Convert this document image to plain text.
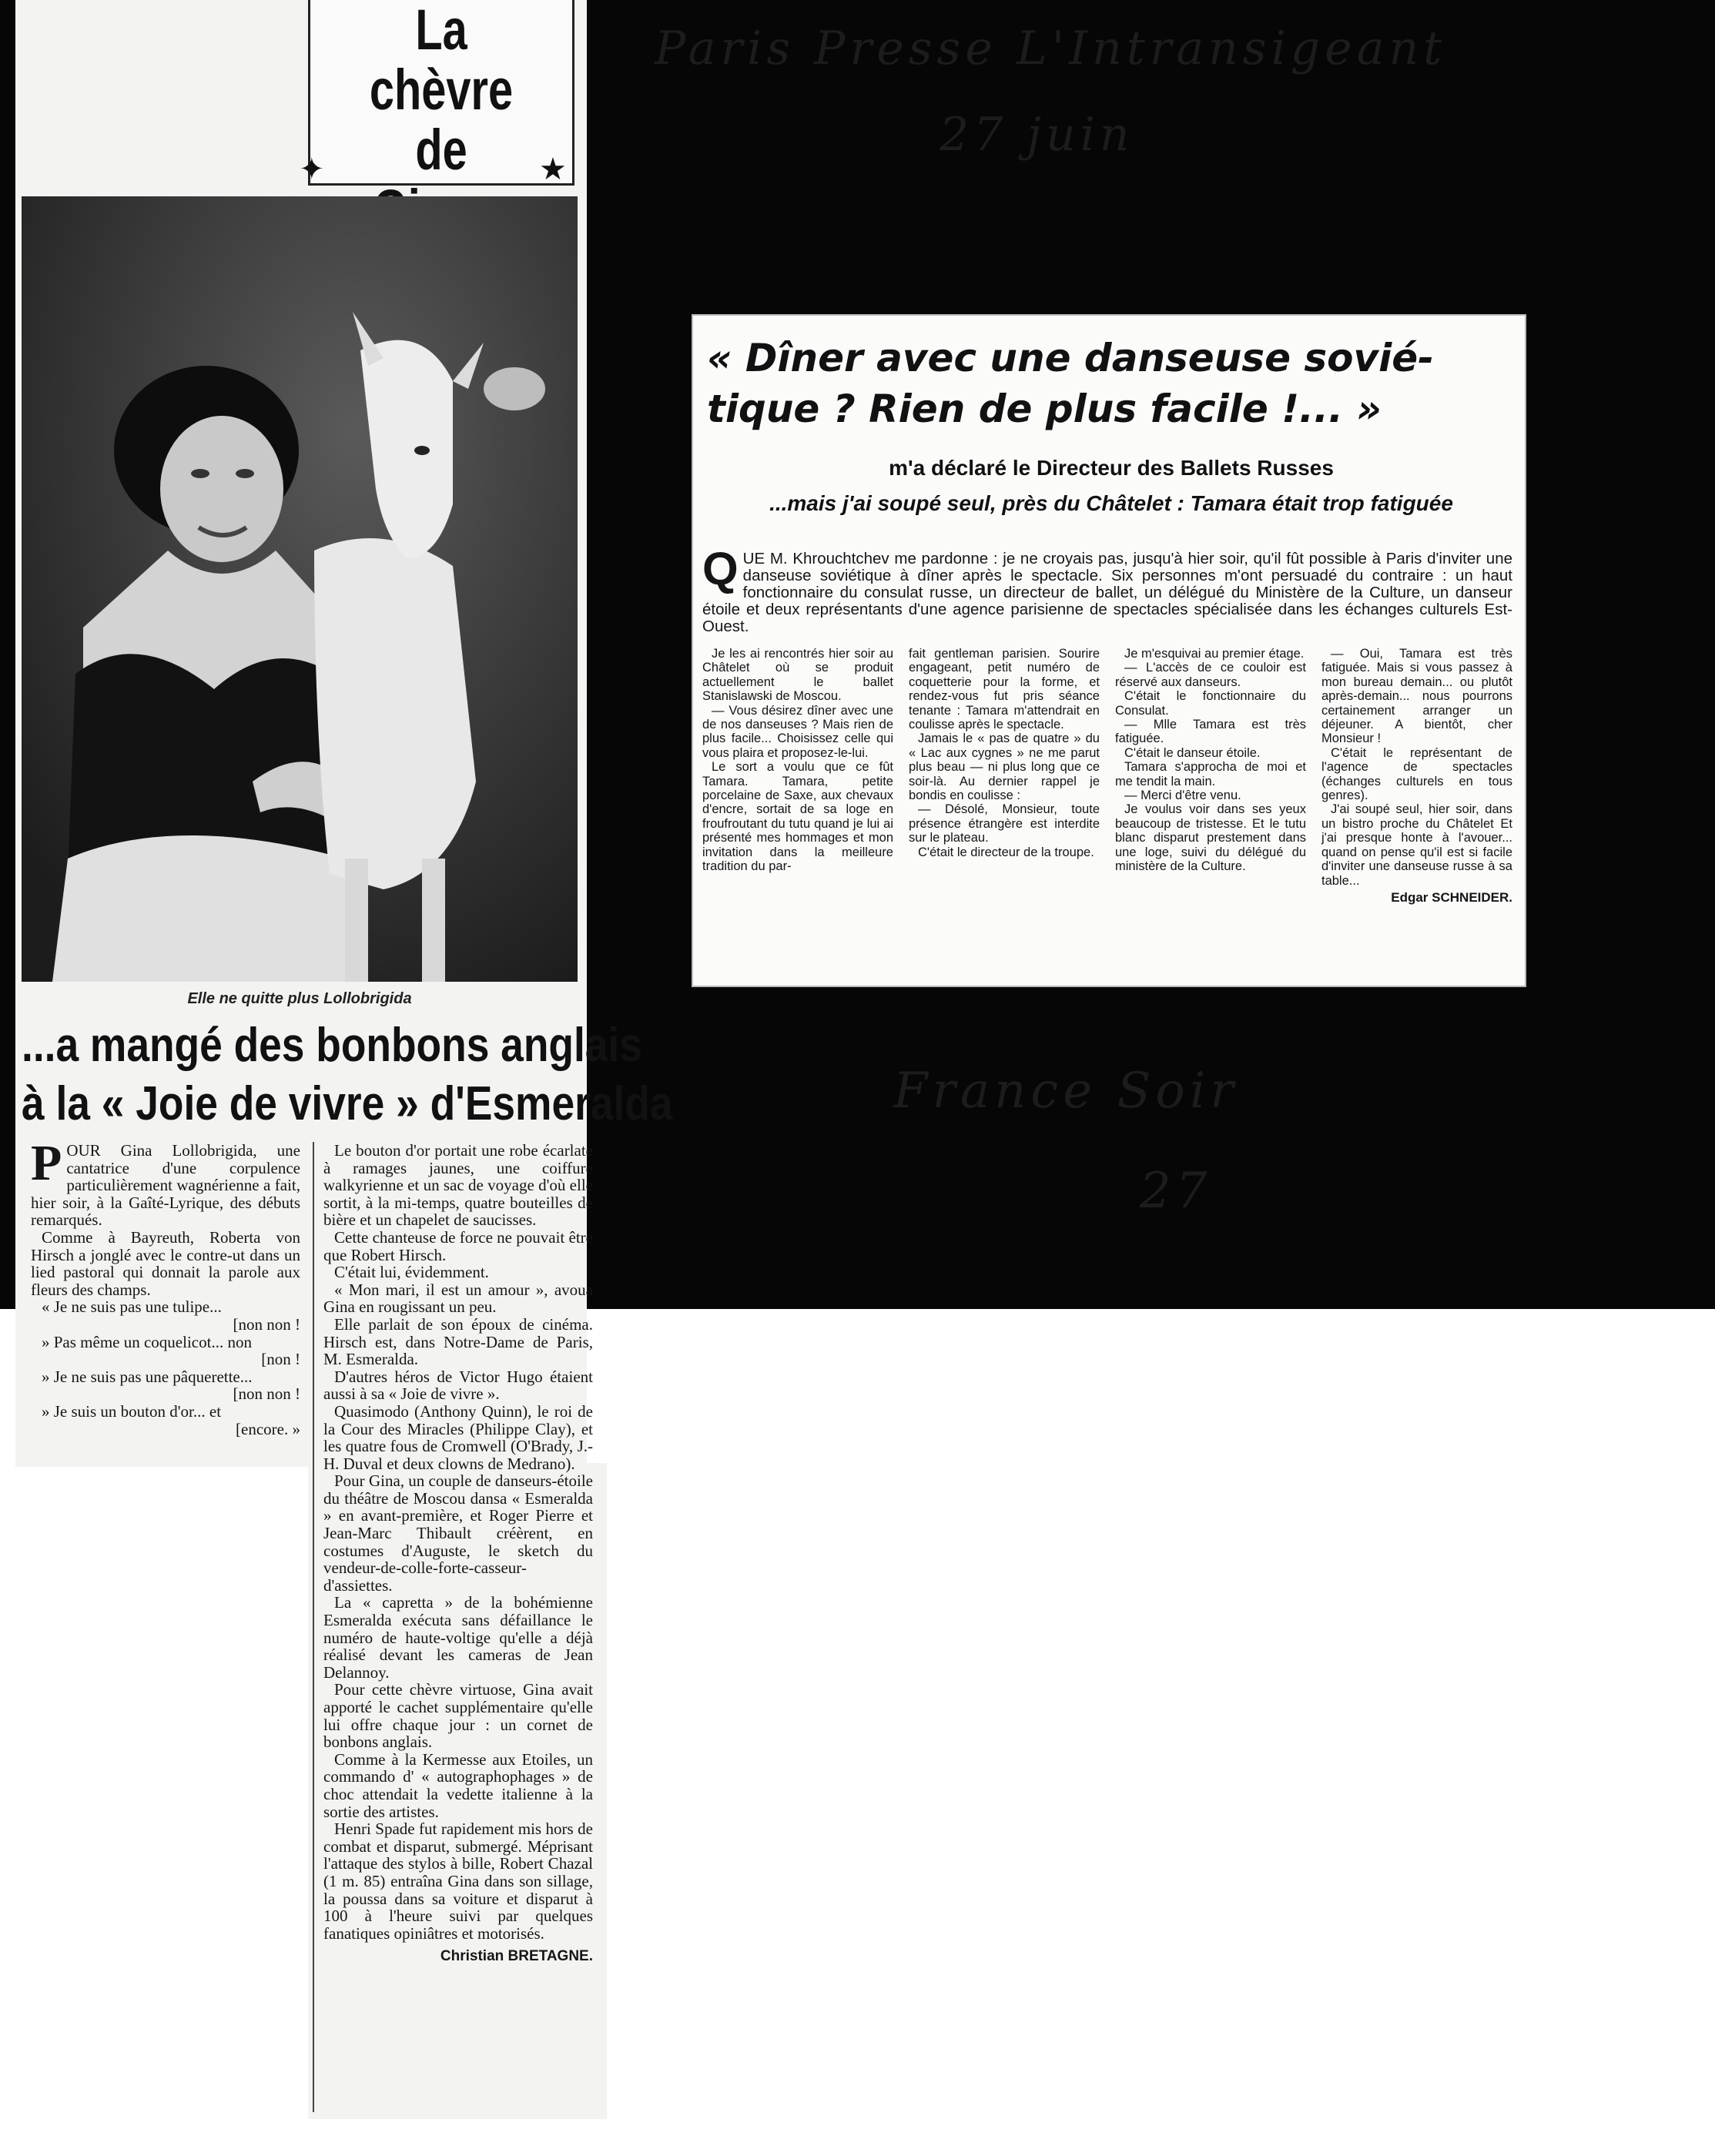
Paris Presse L'Intransigeant
27 juin
France Soir
27
La chèvre
de
✦	★
Elle ne quitte plus Lollobrigida
...a mangé des bonbons anglais
à la « Joie de vivre » d'Esmeralda

POUR Gina Lollobrigida, une cantatrice d'une corpulence particulièrement wagnérienne a fait, hier soir, à la Gaîté-Lyrique, des débuts remarqués.

Comme à Bayreuth, Roberta von Hirsch a jonglé avec le contre-ut dans un lied pastoral qui donnait la parole aux fleurs des champs.

« Je ne suis pas une tulipe...

[non non !

» Pas même un coquelicot... non

[non !

» Je ne suis pas une pâquerette...

[non non !

» Je suis un bouton d'or... et

[encore. »

Le bouton d'or portait une robe écarlate à ramages jaunes, une coiffure walkyrienne et un sac de voyage d'où elle sortit, à la mi-temps, quatre bouteilles de bière et un chapelet de saucisses.

Cette chanteuse de force ne pouvait être que Robert Hirsch.

C'était lui, évidemment.

« Mon mari, il est un amour », avoua Gina en rougissant un peu.

Elle parlait de son époux de cinéma. Hirsch est, dans Notre-Dame de Paris, M. Esmeralda.

D'autres héros de Victor Hugo étaient aussi à sa « Joie de vivre ».

Quasimodo (Anthony Quinn), le roi de la Cour des Miracles (Philippe Clay), et les quatre fous de Cromwell (O'Brady, J.-H. Duval et deux clowns de Medrano).

Pour Gina, un couple de danseurs-étoile du théâtre de Moscou dansa « Esmeralda » en avant-première, et Roger Pierre et Jean-Marc Thibault créèrent, en costumes d'Auguste, le sketch du vendeur-de-colle-forte-casseur-d'assiettes.

La « capretta » de la bohémienne Esmeralda exécuta sans défaillance le numéro de haute-voltige qu'elle a déjà réalisé devant les cameras de Jean Delannoy.

Pour cette chèvre virtuose, Gina avait apporté le cachet supplémentaire qu'elle lui offre chaque jour : un cornet de bonbons anglais.

Comme à la Kermesse aux Etoiles, un commando d' « autographophages » de choc attendait la vedette italienne à la sortie des artistes.

Henri Spade fut rapidement mis hors de combat et disparut, submergé. Méprisant l'attaque des stylos à bille, Robert Chazal (1 m. 85) entraîna Gina dans son sillage, la poussa dans sa voiture et disparut à 100 à l'heure suivi par quelques fanatiques opiniâtres et motorisés.

Christian BRETAGNE.
« Dîner avec une danseuse sovié-
tique ? Rien de plus facile !... »
m'a déclaré le Directeur des Ballets Russes
...mais j'ai soupé seul, près du Châtelet : Tamara était trop fatiguée
QUE M. Khrouchtchev me pardonne : je ne croyais pas, jusqu'à hier soir, qu'il fût possible à Paris d'inviter une danseuse soviétique à dîner après le spectacle. Six personnes m'ont persuadé du contraire : un haut fonctionnaire du consulat russe, un directeur de ballet, un délégué du Ministère de la Culture, un danseur étoile et deux représentants d'une agence parisienne de spectacles spécialisée dans les échanges culturels Est-Ouest.

Je les ai rencontrés hier soir au Châtelet où se produit actuellement le ballet Stanislawski de Moscou.

— Vous désirez dîner avec une de nos danseuses ? Mais rien de plus facile... Choisissez celle qui vous plaira et proposez-le-lui.

Le sort a voulu que ce fût Tamara. Tamara, petite porcelaine de Saxe, aux chevaux d'encre, sortait de sa loge en froufroutant du tutu quand je lui ai présenté mes hommages et mon invitation dans la meilleure tradition du par-

fait gentleman parisien. Sourire engageant, petit numéro de coquetterie pour la forme, et rendez-vous fut pris séance tenante : Tamara m'attendrait en coulisse après le spectacle.

Jamais le « pas de quatre » du « Lac aux cygnes » ne me parut plus beau — ni plus long que ce soir-là. Au dernier rappel je bondis en coulisse :

— Désolé, Monsieur, toute présence étrangère est interdite sur le plateau.

C'était le directeur de la troupe.

Je m'esquivai au premier étage.

— L'accès de ce couloir est réservé aux danseurs.

C'était le fonctionnaire du Consulat.

— Mlle Tamara est très fatiguée.

C'était le danseur étoile.

Tamara s'approcha de moi et me tendit la main.

— Merci d'être venu.

Je voulus voir dans ses yeux beaucoup de tristesse. Et le tutu blanc disparut prestement dans une loge, suivi du délégué du ministère de la Culture.

— Oui, Tamara est très fatiguée. Mais si vous passez à mon bureau demain... ou plutôt après-demain... nous pourrons certainement arranger un déjeuner. A bientôt, cher Monsieur !

C'était le représentant de l'agence de spectacles (échanges culturels en tous genres).

J'ai soupé seul, hier soir, dans un bistro proche du Châtelet Et j'ai presque honte à l'avouer... quand on pense qu'il est si facile d'inviter une danseuse russe à sa table...

Edgar SCHNEIDER.
